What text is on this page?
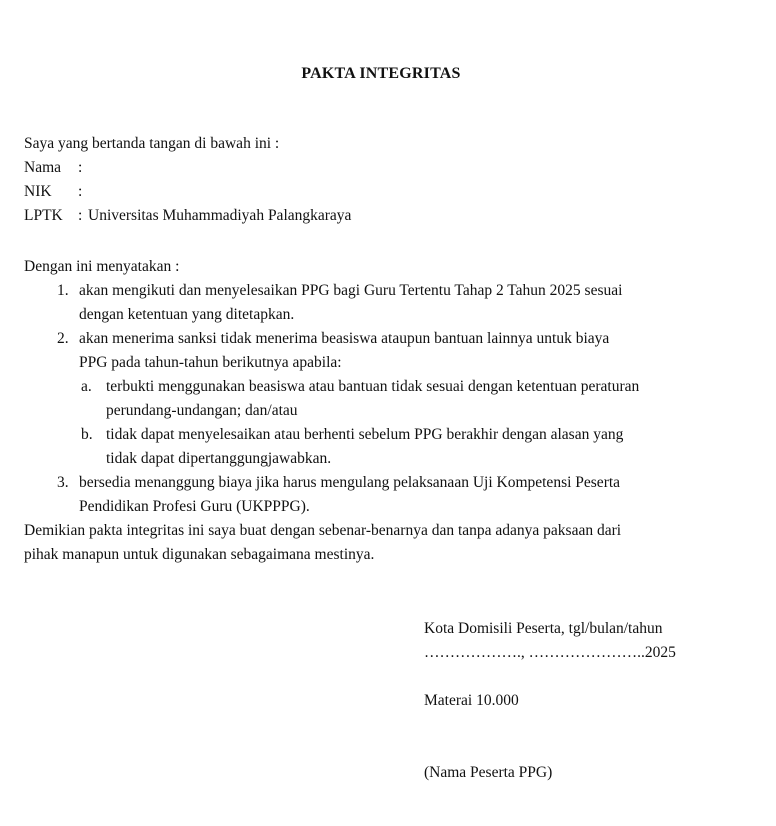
PAKTA INTEGRITAS
Saya yang bertanda tangan di bawah ini :
Nama	:
NIK	:
LPTK : Universitas Muhammadiyah Palangkaraya
Dengan ini menyatakan :
1. akan mengikuti dan menyelesaikan PPG bagi Guru Tertentu Tahap 2 Tahun 2025 sesuai
dengan ketentuan yang ditetapkan.
2. akan menerima sanksi tidak menerima beasiswa ataupun bantuan lainnya untuk biaya
PPG pada tahun-tahun berikutnya apabila:
a. terbukti menggunakan beasiswa atau bantuan tidak sesuai dengan ketentuan peraturan
perundang-undangan; dan/atau
b. tidak dapat menyelesaikan atau berhenti sebelum PPG berakhir dengan alasan yang
tidak dapat dipertanggungjawabkan.
3. bersedia menanggung biaya jika harus mengulang pelaksanaan Uji Kompetensi Peserta
Pendidikan Profesi Guru (UKPPPG).
Demikian pakta integritas ini saya buat dengan sebenar-benarnya dan tanpa adanya paksaan dari
pihak manapun untuk digunakan sebagaimana mestinya.
Kota Domisili Peserta, tgl/bulan/tahun
………………., …………………..2025
Materai 10.000
(Nama Peserta PPG)
